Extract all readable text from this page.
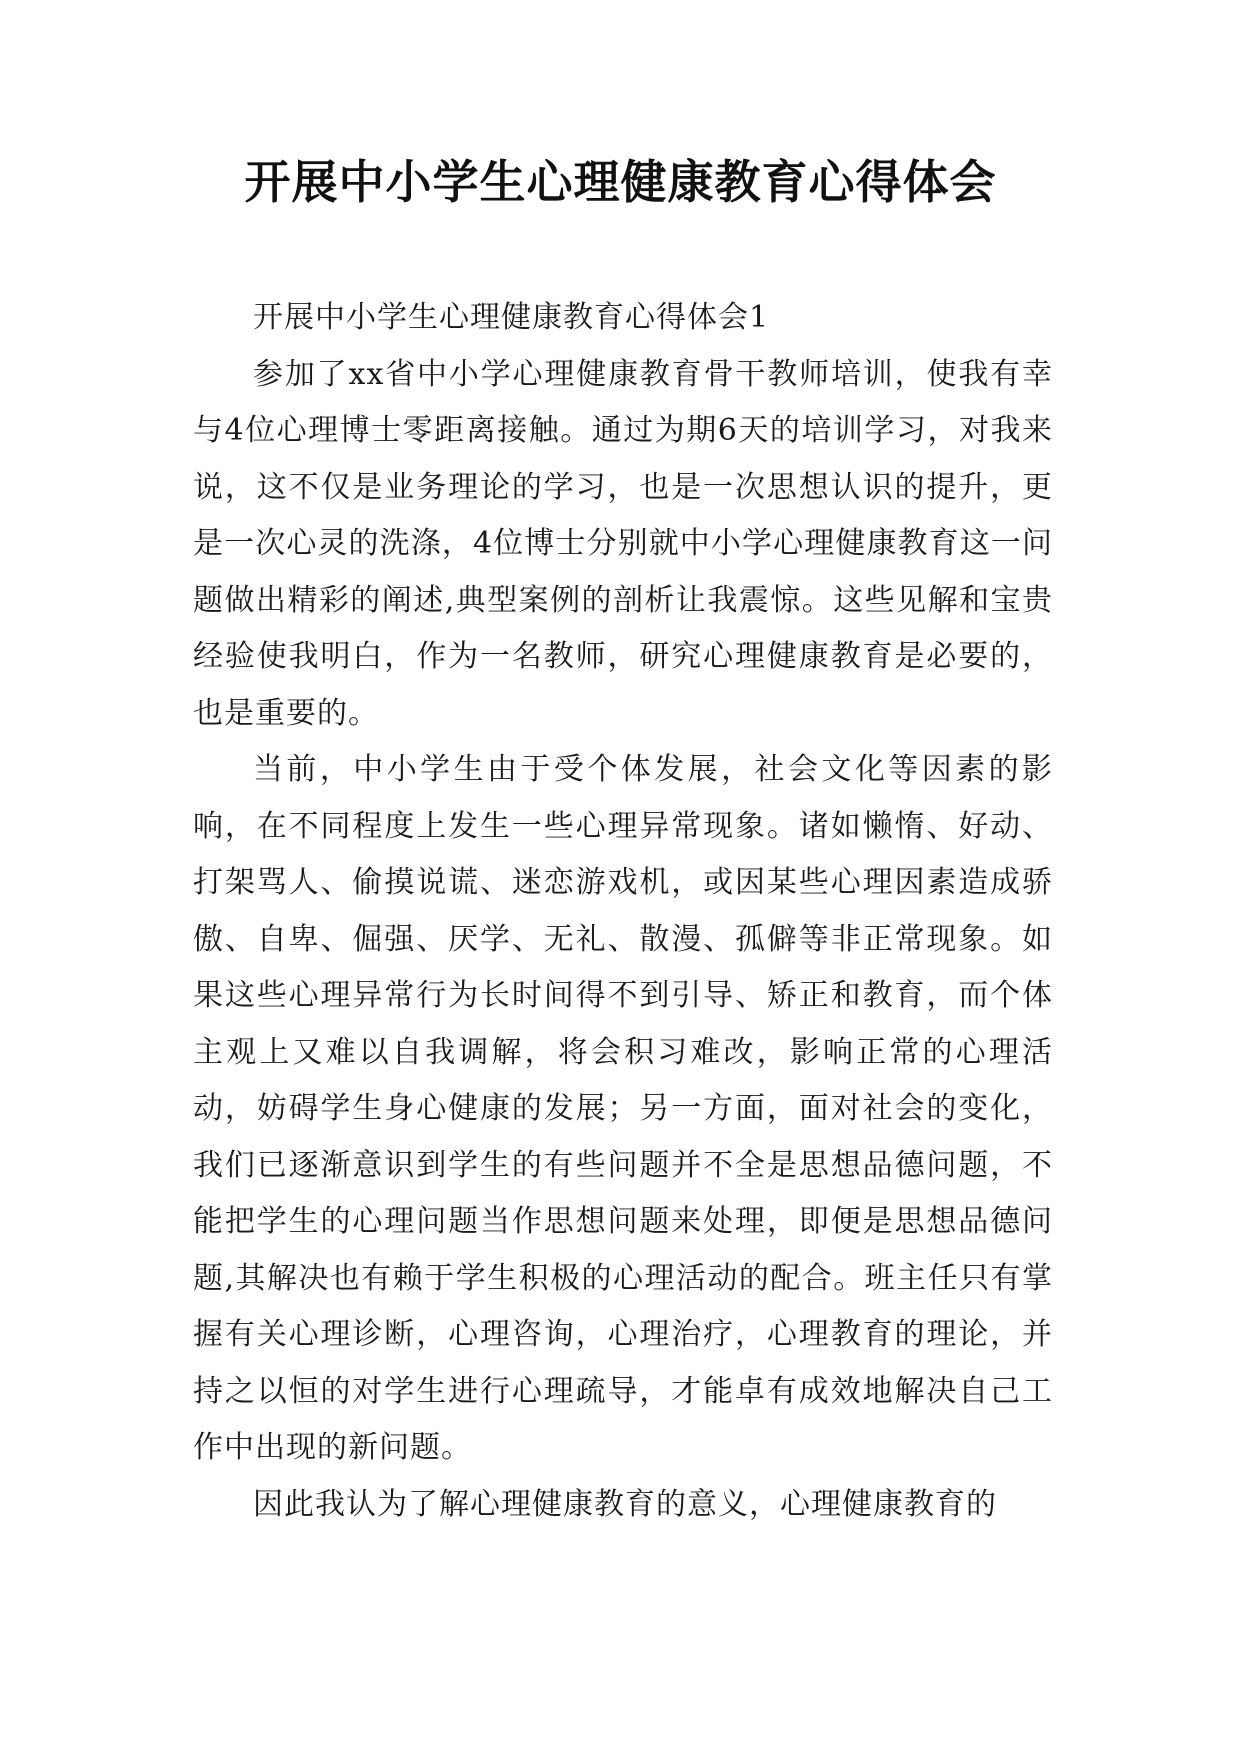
开展中小学生心理健康教育心得体会

开展中小学生心理健康教育心得体会1

参加了xx省中小学心理健康教育骨干教师培训，使我有幸与4位心理博士零距离接触。通过为期6天的培训学习，对我来说，这不仅是业务理论的学习，也是一次思想认识的提升，更是一次心灵的洗涤，4位博士分别就中小学心理健康教育这一问题做出精彩的阐述,典型案例的剖析让我震惊。这些见解和宝贵经验使我明白，作为一名教师，研究心理健康教育是必要的，也是重要的。

当前，中小学生由于受个体发展，社会文化等因素的影响，在不同程度上发生一些心理异常现象。诸如懒惰、好动、打架骂人、偷摸说谎、迷恋游戏机，或因某些心理因素造成骄傲、自卑、倔强、厌学、无礼、散漫、孤僻等非正常现象。如果这些心理异常行为长时间得不到引导、矫正和教育，而个体主观上又难以自我调解，将会积习难改，影响正常的心理活动，妨碍学生身心健康的发展；另一方面，面对社会的变化，我们已逐渐意识到学生的有些问题并不全是思想品德问题，不能把学生的心理问题当作思想问题来处理，即便是思想品德问题,其解决也有赖于学生积极的心理活动的配合。班主任只有掌握有关心理诊断，心理咨询，心理治疗，心理教育的理论，并持之以恒的对学生进行心理疏导，才能卓有成效地解决自己工作中出现的新问题。

因此我认为了解心理健康教育的意义，心理健康教育的
